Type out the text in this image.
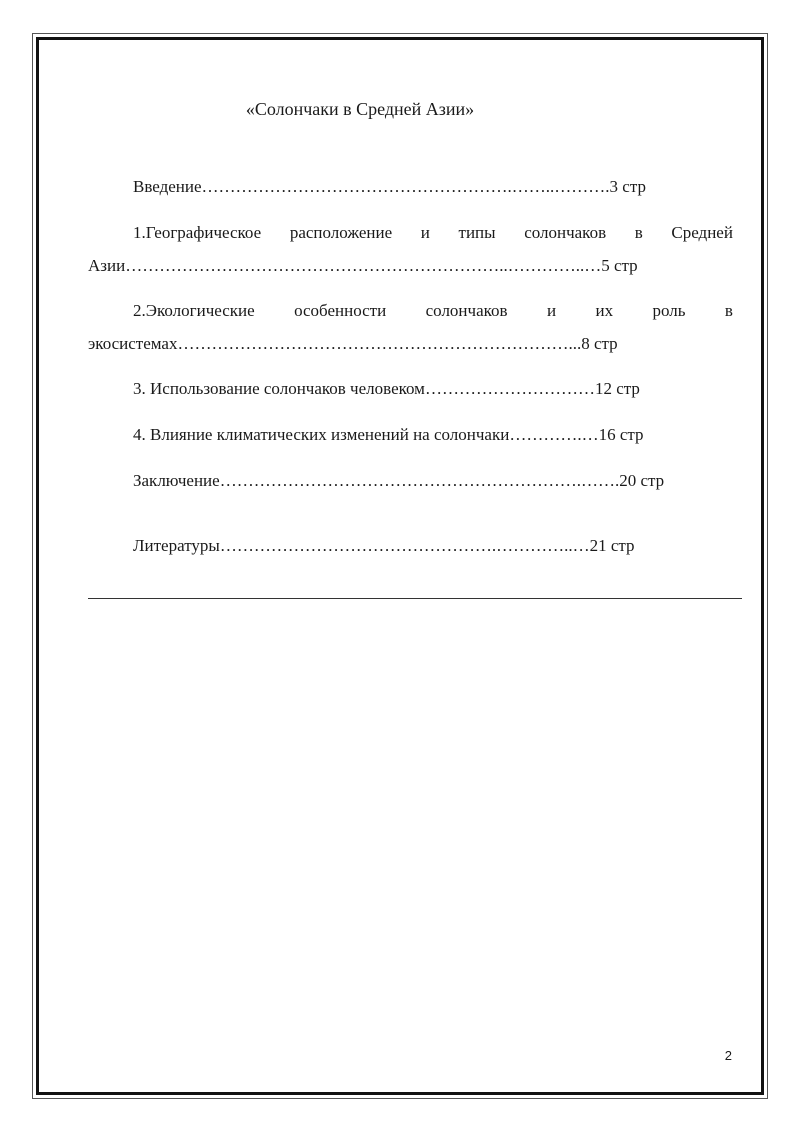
«Солончаки в Средней Азии»
Введение……………………………………………….……..……….3 стр
1.Географическое расположение и типы солончаков в Средней
Азии…………………………………………………………..…………..…5 стр
2.Экологические особенности солончаков и их роль в
экосистемах……………………………………………………………...8 стр
3. Использование солончаков человеком…………………………12 стр
4. Влияние климатических изменений на солончаки………….…16 стр
Заключение……………………………………………………….…….20 стр
Литературы………………………………………….…………..…21 стр
2
